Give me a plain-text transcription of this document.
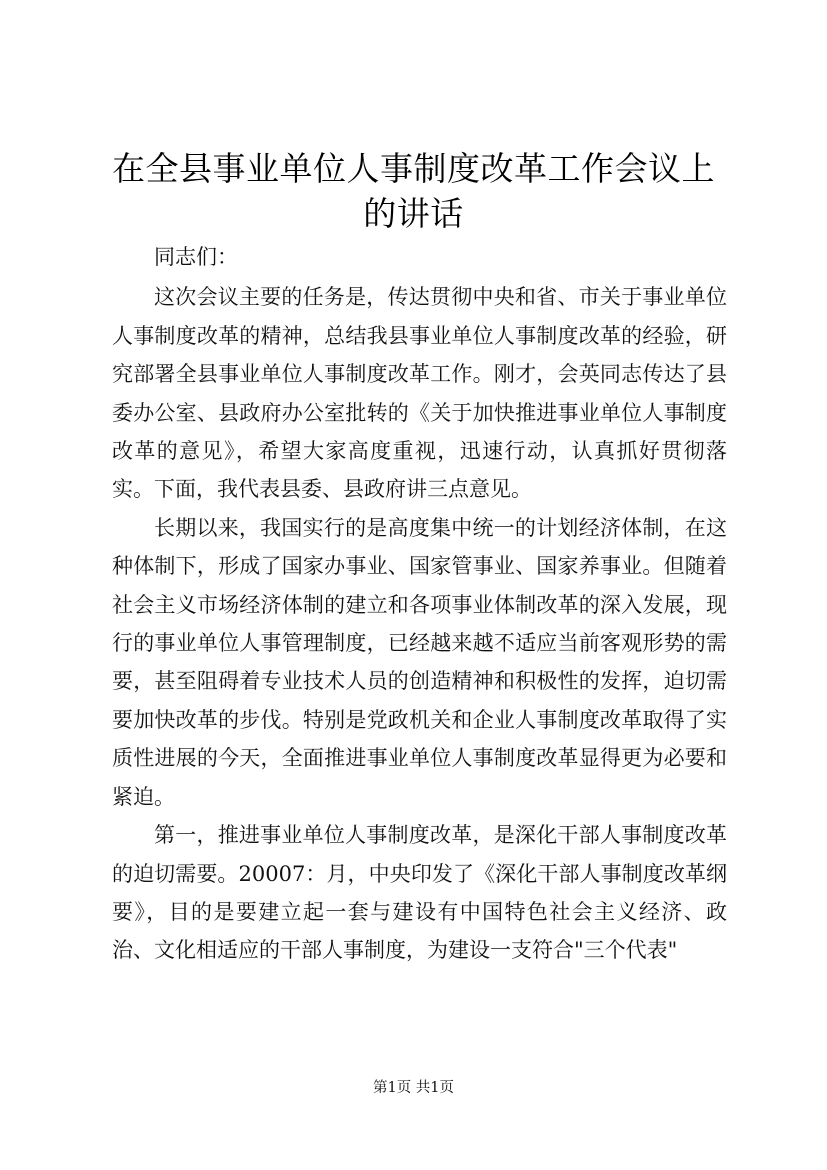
在全县事业单位人事制度改革工作会议上的讲话

同志们：

这次会议主要的任务是，传达贯彻中央和省、市关于事业单位人事制度改革的精神，总结我县事业单位人事制度改革的经验，研究部署全县事业单位人事制度改革工作。刚才，会英同志传达了县委办公室、县政府办公室批转的《关于加快推进事业单位人事制度改革的意见》，希望大家高度重视，迅速行动，认真抓好贯彻落实。下面，我代表县委、县政府讲三点意见。

长期以来，我国实行的是高度集中统一的计划经济体制，在这种体制下，形成了国家办事业、国家管事业、国家养事业。但随着社会主义市场经济体制的建立和各项事业体制改革的深入发展，现行的事业单位人事管理制度，已经越来越不适应当前客观形势的需要，甚至阻碍着专业技术人员的创造精神和积极性的发挥，迫切需要加快改革的步伐。特别是党政机关和企业人事制度改革取得了实质性进展的今天，全面推进事业单位人事制度改革显得更为必要和紧迫。

第一，推进事业单位人事制度改革，是深化干部人事制度改革的迫切需要。20007：月，中央印发了《深化干部人事制度改革纲要》，目的是要建立起一套与建设有中国特色社会主义经济、政治、文化相适应的干部人事制度，为建设一支符合"三个代表"

第1页 共1页
